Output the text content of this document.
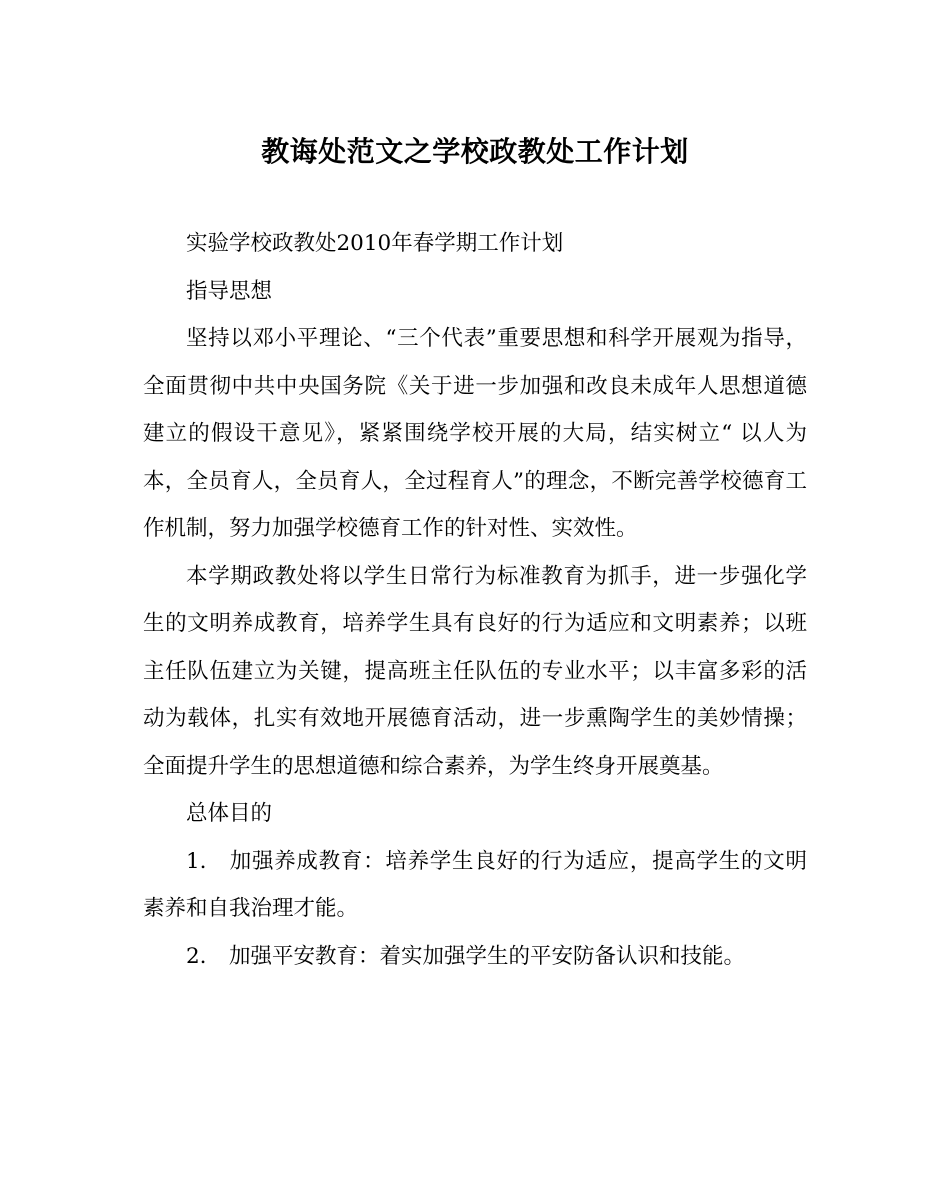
教诲处范文之学校政教处工作计划

实验学校政教处2010年春学期工作计划

指导思想

坚持以邓小平理论、“三个代表”重要思想和科学开展观为指导，全面贯彻中共中央国务院《关于进一步加强和改良未成年人思想道德建立的假设干意见》，紧紧围绕学校开展的大局，结实树立“ 以人为本，全员育人，全员育人，全过程育人”的理念，不断完善学校德育工作机制，努力加强学校德育工作的针对性、实效性。

本学期政教处将以学生日常行为标准教育为抓手，进一步强化学生的文明养成教育，培养学生具有良好的行为适应和文明素养；以班主任队伍建立为关键，提高班主任队伍的专业水平；以丰富多彩的活动为载体，扎实有效地开展德育活动，进一步熏陶学生的美妙情操；全面提升学生的思想道德和综合素养，为学生终身开展奠基。

总体目的

1. 加强养成教育：培养学生良好的行为适应，提高学生的文明素养和自我治理才能。

2. 加强平安教育：着实加强学生的平安防备认识和技能。
